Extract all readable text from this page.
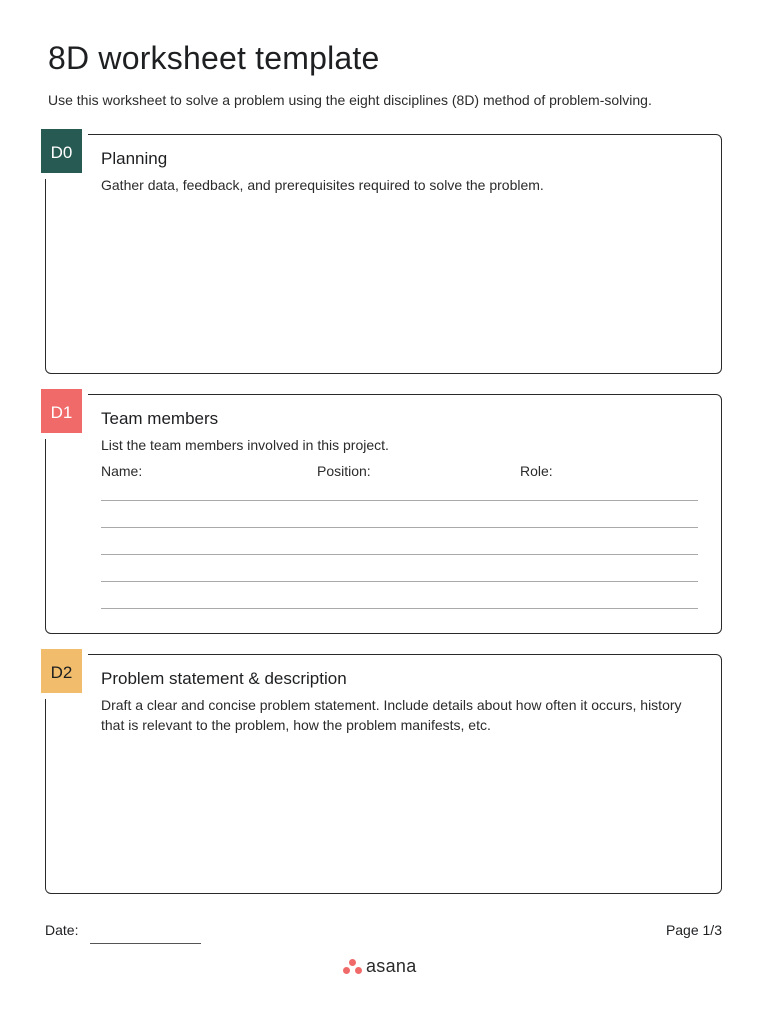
8D worksheet template
Use this worksheet to solve a problem using the eight disciplines (8D) method of problem-solving.
D0	Planning
Gather data, feedback, and prerequisites required to solve the problem.
D1	Team members
List the team members involved in this project.
Name:	Position:	Role:
D2	Problem statement & description
Draft a clear and concise problem statement. Include details about how often it occurs, history that is relevant to the problem, how the problem manifests, etc.
Date:	Page 1/3
asana
